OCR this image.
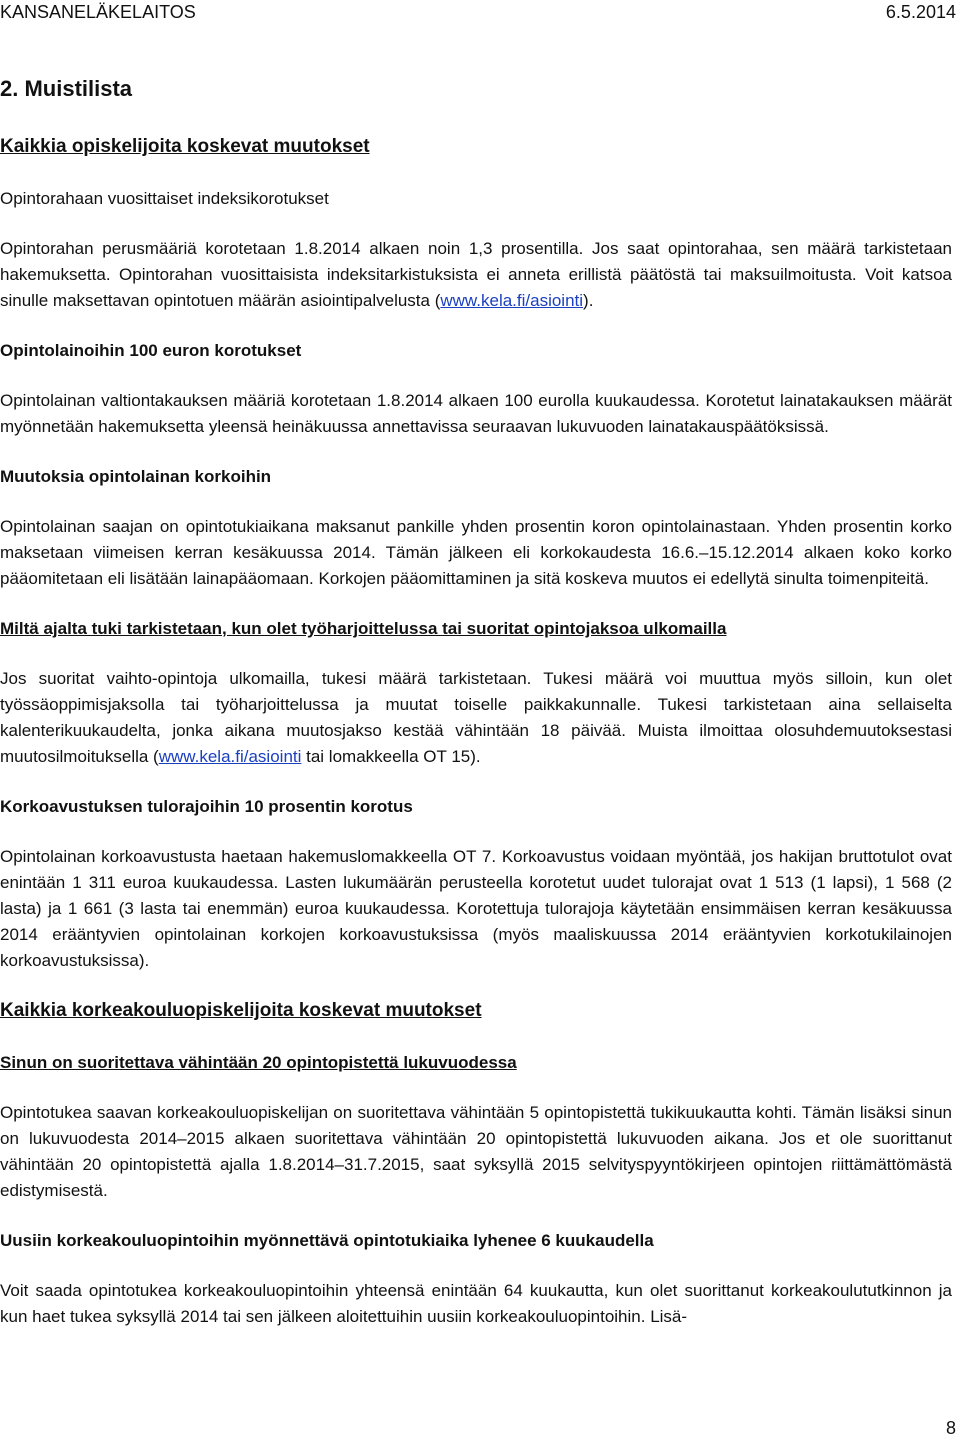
KANSANELÄKELAITOS	6.5.2014
2. Muistilista
Kaikkia opiskelijoita koskevat muutokset
Opintorahaan vuosittaiset indeksikorotukset

Opintorahan perusmääriä korotetaan 1.8.2014 alkaen noin 1,3 prosentilla. Jos saat opintorahaa, sen määrä tarkistetaan hakemuksetta. Opintorahan vuosittaisista indeksitarkistuksista ei anneta erillistä päätöstä tai maksuilmoitusta. Voit katsoa sinulle maksettavan opintotuen määrän asiointipalvelusta (www.kela.fi/asiointi).

Opintolainoihin 100 euron korotukset

Opintolainan valtiontakauksen määriä korotetaan 1.8.2014 alkaen 100 eurolla kuukaudessa. Korotetut lainatakauksen määrät myönnetään hakemuksetta yleensä heinäkuussa annettavissa seuraavan lukuvuoden lainatakauspäätöksissä.

Muutoksia opintolainan korkoihin

Opintolainan saajan on opintotukiaikana maksanut pankille yhden prosentin koron opintolainastaan. Yhden prosentin korko maksetaan viimeisen kerran kesäkuussa 2014. Tämän jälkeen eli korkokaudesta 16.6.–15.12.2014 alkaen koko korko pääomitetaan eli lisätään lainapääomaan. Korkojen pääomittaminen ja sitä koskeva muutos ei edellytä sinulta toimenpiteitä.

Miltä ajalta tuki tarkistetaan, kun olet työharjoittelussa tai suoritat opintojaksoa ulkomailla

Jos suoritat vaihto-opintoja ulkomailla, tukesi määrä tarkistetaan. Tukesi määrä voi muuttua myös silloin, kun olet työssäoppimisjaksolla tai työharjoittelussa ja muutat toiselle paikkakunnalle. Tukesi tarkistetaan aina sellaiselta kalenterikuukaudelta, jonka aikana muutosjakso kestää vähintään 18 päivää. Muista ilmoittaa olosuhdemuutoksestasi muutosilmoituksella (www.kela.fi/asiointi tai lomakkeella OT 15).

Korkoavustuksen tulorajoihin 10 prosentin korotus

Opintolainan korkoavustusta haetaan hakemuslomakkeella OT 7. Korkoavustus voidaan myöntää, jos hakijan bruttotulot ovat enintään 1 311 euroa kuukaudessa. Lasten lukumäärän perusteella korotetut uudet tulorajat ovat 1 513 (1 lapsi), 1 568 (2 lasta) ja 1 661 (3 lasta tai enemmän) euroa kuukaudessa. Korotettuja tulorajoja käytetään ensimmäisen kerran kesäkuussa 2014 erääntyvien opintolainan korkojen korkoavustuksissa (myös maaliskuussa 2014 erääntyvien korkotukilainojen korkoavustuksissa).

Kaikkia korkeakouluopiskelijoita koskevat muutokset
Sinun on suoritettava vähintään 20 opintopistettä lukuvuodessa

Opintotukea saavan korkeakouluopiskelijan on suoritettava vähintään 5 opintopistettä tukikuukautta kohti. Tämän lisäksi sinun on lukuvuodesta 2014–2015 alkaen suoritettava vähintään 20 opintopistettä lukuvuoden aikana. Jos et ole suorittanut vähintään 20 opintopistettä ajalla 1.8.2014–31.7.2015, saat syksyllä 2015 selvityspyyntökirjeen opintojen riittämättömästä edistymisestä.

Uusiin korkeakouluopintoihin myönnettävä opintotukiaika lyhenee 6 kuukaudella

Voit saada opintotukea korkeakouluopintoihin yhteensä enintään 64 kuukautta, kun olet suorittanut korkeakoulututkinnon ja kun haet tukea syksyllä 2014 tai sen jälkeen aloitettuihin uusiin korkeakouluopintoihin. Lisä-

8
